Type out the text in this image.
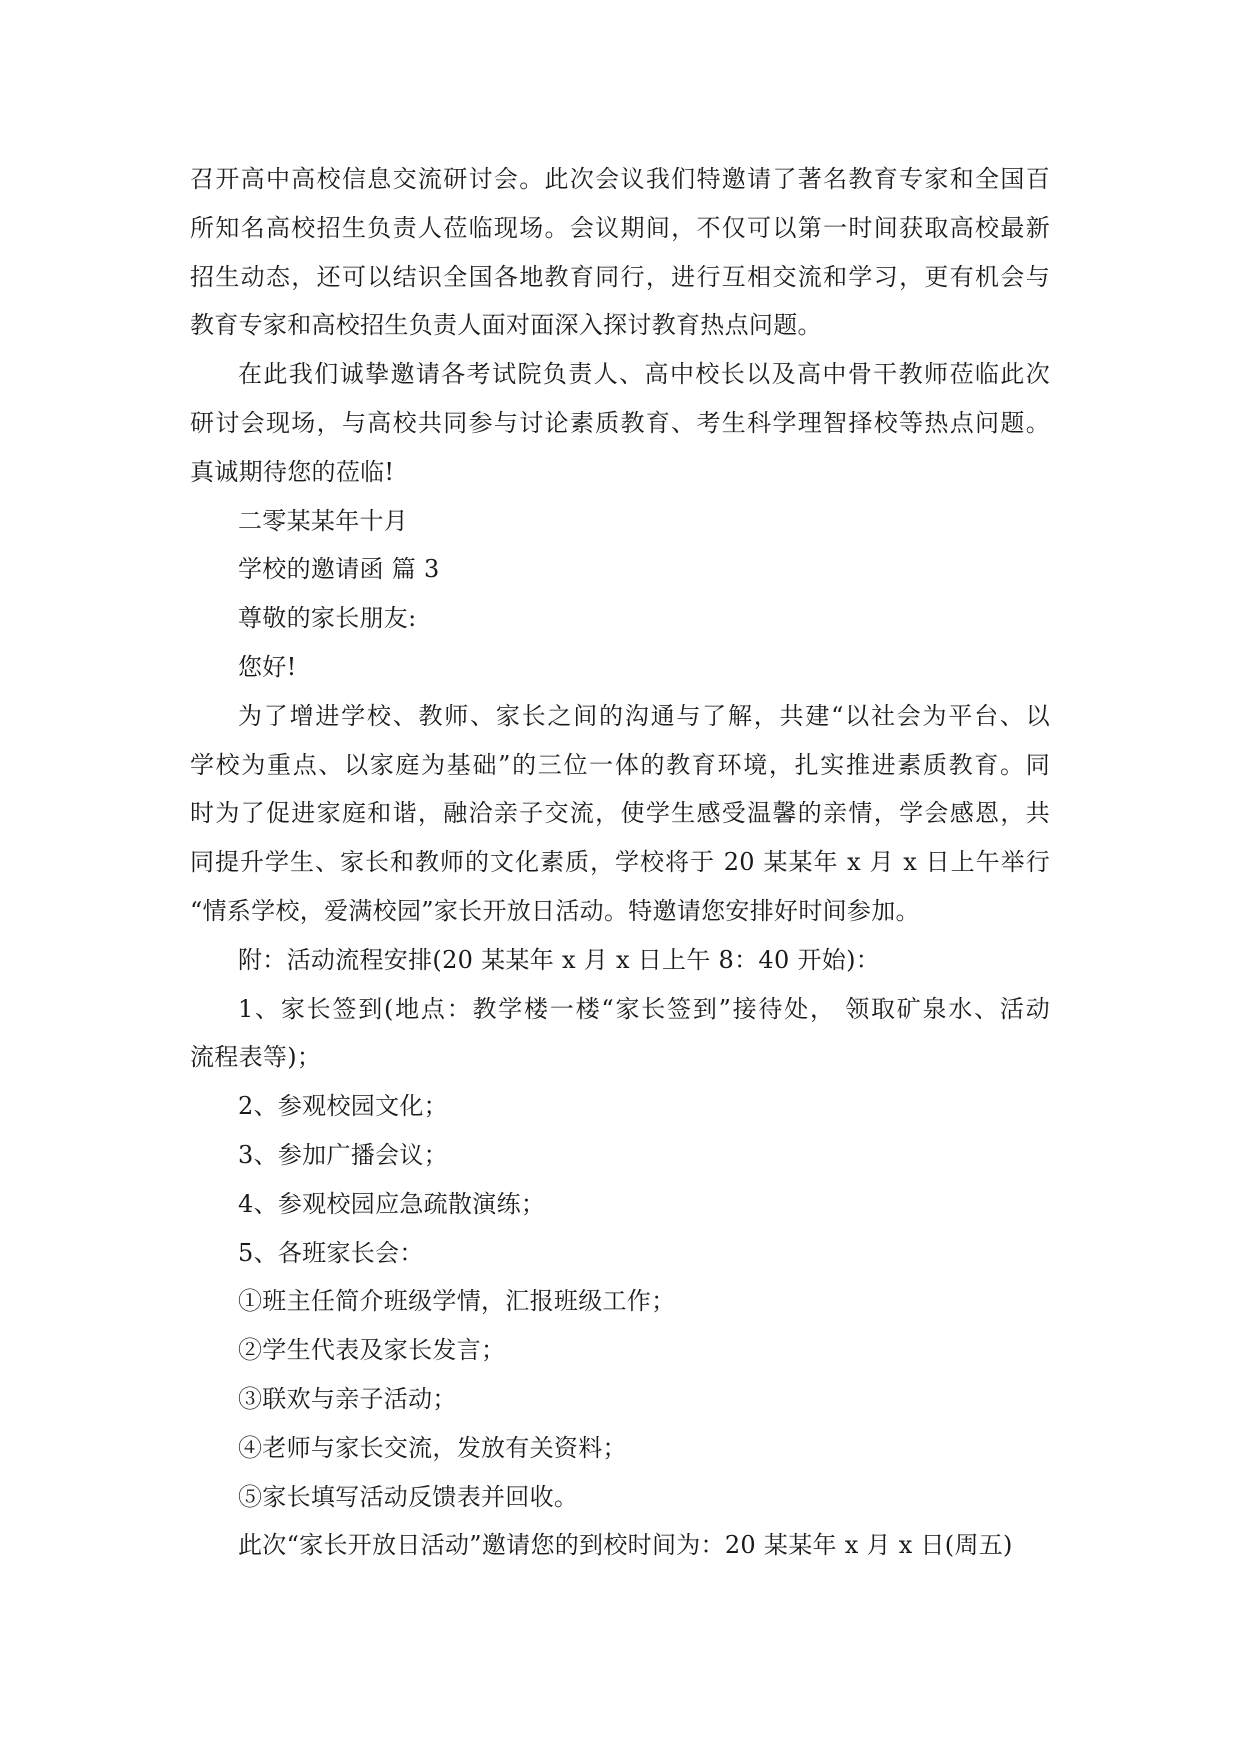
召开高中高校信息交流研讨会。此次会议我们特邀请了著名教育专家和全国百
所知名高校招生负责人莅临现场。会议期间，不仅可以第一时间获取高校最新
招生动态，还可以结识全国各地教育同行，进行互相交流和学习，更有机会与
教育专家和高校招生负责人面对面深入探讨教育热点问题。
在此我们诚挚邀请各考试院负责人、高中校长以及高中骨干教师莅临此次
研讨会现场，与高校共同参与讨论素质教育、考生科学理智择校等热点问题。
真诚期待您的莅临!
二零某某年十月
学校的邀请函 篇 3
尊敬的家长朋友:
您好!
为了增进学校、教师、家长之间的沟通与了解，共建“以社会为平台、以
学校为重点、以家庭为基础”的三位一体的教育环境，扎实推进素质教育。同
时为了促进家庭和谐，融洽亲子交流，使学生感受温馨的亲情，学会感恩，共
同提升学生、家长和教师的文化素质，学校将于 20 某某年 x 月 x 日上午举行
“情系学校，爱满校园”家长开放日活动。特邀请您安排好时间参加。
附：活动流程安排(20 某某年 x 月 x 日上午 8：40 开始)：
1、家长签到(地点：教学楼一楼“家长签到”接待处， 领取矿泉水、活动
流程表等)；
2、参观校园文化；
3、参加广播会议；
4、参观校园应急疏散演练；
5、各班家长会：
①班主任简介班级学情，汇报班级工作；
②学生代表及家长发言；
③联欢与亲子活动；
④老师与家长交流，发放有关资料；
⑤家长填写活动反馈表并回收。
此次“家长开放日活动”邀请您的到校时间为：20 某某年 x 月 x 日(周五)
